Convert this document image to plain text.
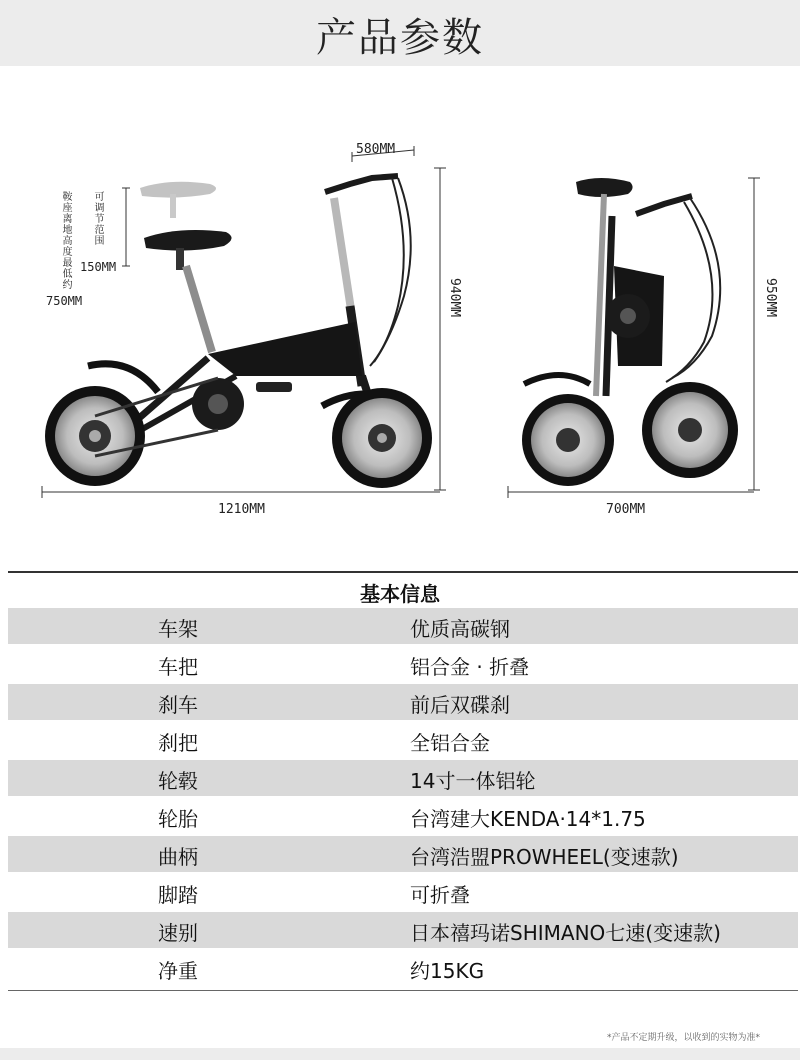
产品参数
580MM
可调节范围
150MM
鞍座离地高度最低约
750MM	940MM
1210MM
950MM
700MM
基本信息
车架	优质高碳钢
车把	铝合金 · 折叠
刹车	前后双碟刹
刹把	全铝合金
轮毂	14寸一体铝轮
轮胎	台湾建大KENDA·14*1.75
曲柄	台湾浩盟PROWHEEL(变速款)
脚踏	可折叠
速别	日本禧玛诺SHIMANO七速(变速款)
净重	约15KG
*产品不定期升级，以收到的实物为准*
